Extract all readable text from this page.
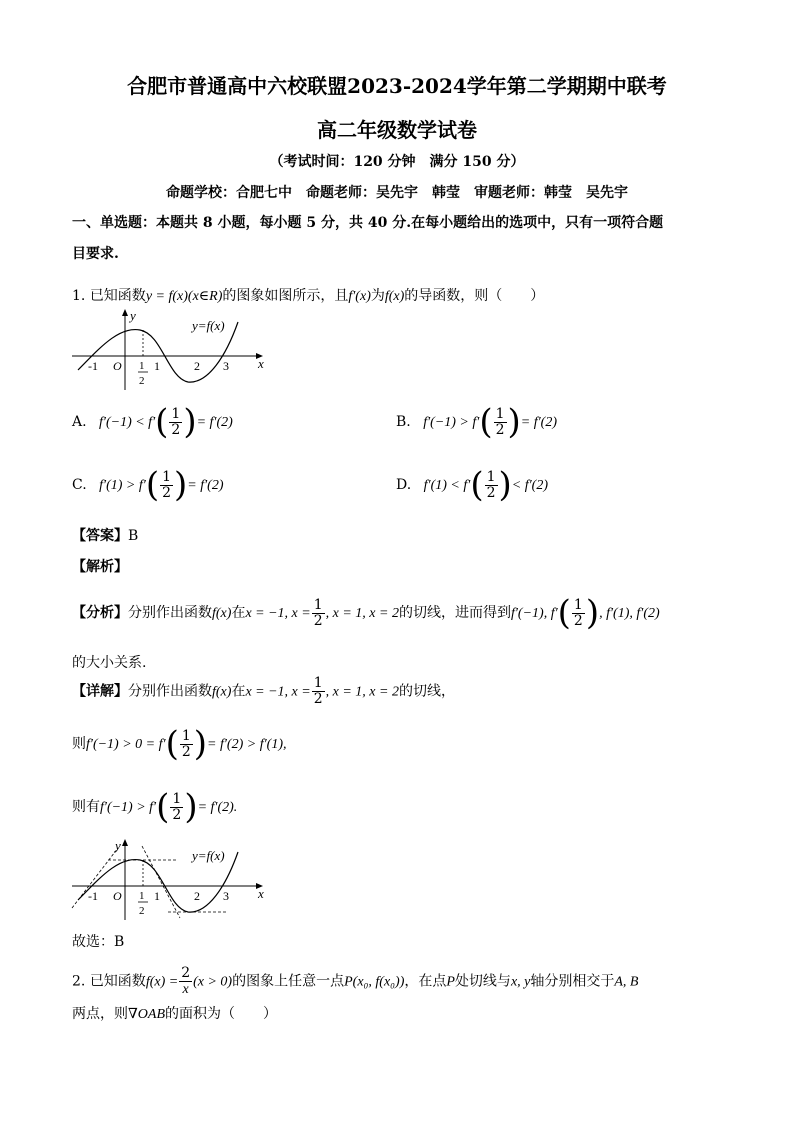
合肥市普通高中六校联盟2023-2024学年第二学期期中联考
高二年级数学试卷
（考试时间：120 分钟　满分 150 分）
命题学校：合肥七中　命题老师：吴先宇　韩莹　审题老师：韩莹　吴先宇
一、单选题：本题共 8 小题，每小题 5 分，共 40 分.在每小题给出的选项中，只有一项符合题
目要求.
1. 已知函数y = f(x)(x∈R)的图象如图所示，且f′(x)为f(x)的导函数，则（　　）
y=f(x)
y
x
-1 O 1
2
1	2 3
A. $f'(-1) < f'( \frac{1}{2}$ )= f′(2)	B. $f'(-1) > f'( \frac{1}{2}$ )= f′(2)
C. $f'(1) > f'( \frac{1}{2}$ )= f′(2)	D. $f'(1) < f'( \frac{1}{2}$ )< f′(2)
【答案】B
【解析】
【分析】分别作出函数f(x)在x = −1, $x = \frac{1}{2}$ , x = 1, x = 2的切线，进而得到f′(−1), $f'( \frac{1}{2}$ ), f′(1), f′(2)
的大小关系.
【详解】分别作出函数f(x)在x = −1, $x = \frac{1}{2}$ , x = 1, x = 2的切线，
则$f'(-1) > 0 = f'( \frac{1}{2}$ )= f′(2) > f′(1),
则有$f'(-1) > f'( \frac{1}{2}$ )= f′(2).
y=f(x)
y
x
-1 O 1
2
1	2 3
故选：B
2. 已知函数$f(x) = \frac{2}{x} (x > 0)$的图象上任意一点P(x₀, f(x₀))，在点P处切线与x, y轴分别相交于A, B
两点，则∇OAB的面积为（　　）
